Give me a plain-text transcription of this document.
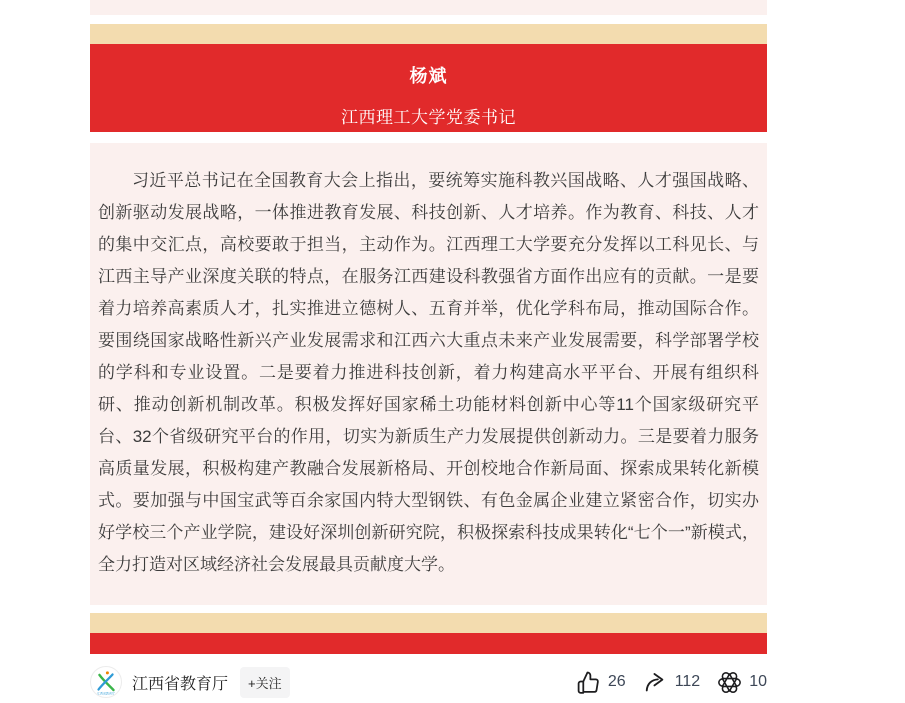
杨斌
江西理工大学党委书记

习近平总书记在全国教育大会上指出，要统筹实施科教兴国战略、人才强国战略、创新驱动发展战略，一体推进教育发展、科技创新、人才培养。作为教育、科技、人才的集中交汇点，高校要敢于担当，主动作为。江西理工大学要充分发挥以工科见长、与江西主导产业深度关联的特点，在服务江西建设科教强省方面作出应有的贡献。一是要着力培养高素质人才，扎实推进立德树人、五育并举，优化学科布局，推动国际合作。要围绕国家战略性新兴产业发展需求和江西六大重点未来产业发展需要，科学部署学校的学科和专业设置。二是要着力推进科技创新，着力构建高水平平台、开展有组织科研、推动创新机制改革。积极发挥好国家稀土功能材料创新中心等11个国家级研究平台、32个省级研究平台的作用，切实为新质生产力发展提供创新动力。三是要着力服务高质量发展，积极构建产教融合发展新格局、开创校地合作新局面、探索成果转化新模式。要加强与中国宝武等百余家国内特大型钢铁、有色金属企业建立紧密合作，切实办好学校三个产业学院，建设好深圳创新研究院，积极探索科技成果转化“七个一”新模式，全力打造对区域经济社会发展最具贡献度大学。

江西省教育厅
江西省教育厅	+关注	26	112	10
